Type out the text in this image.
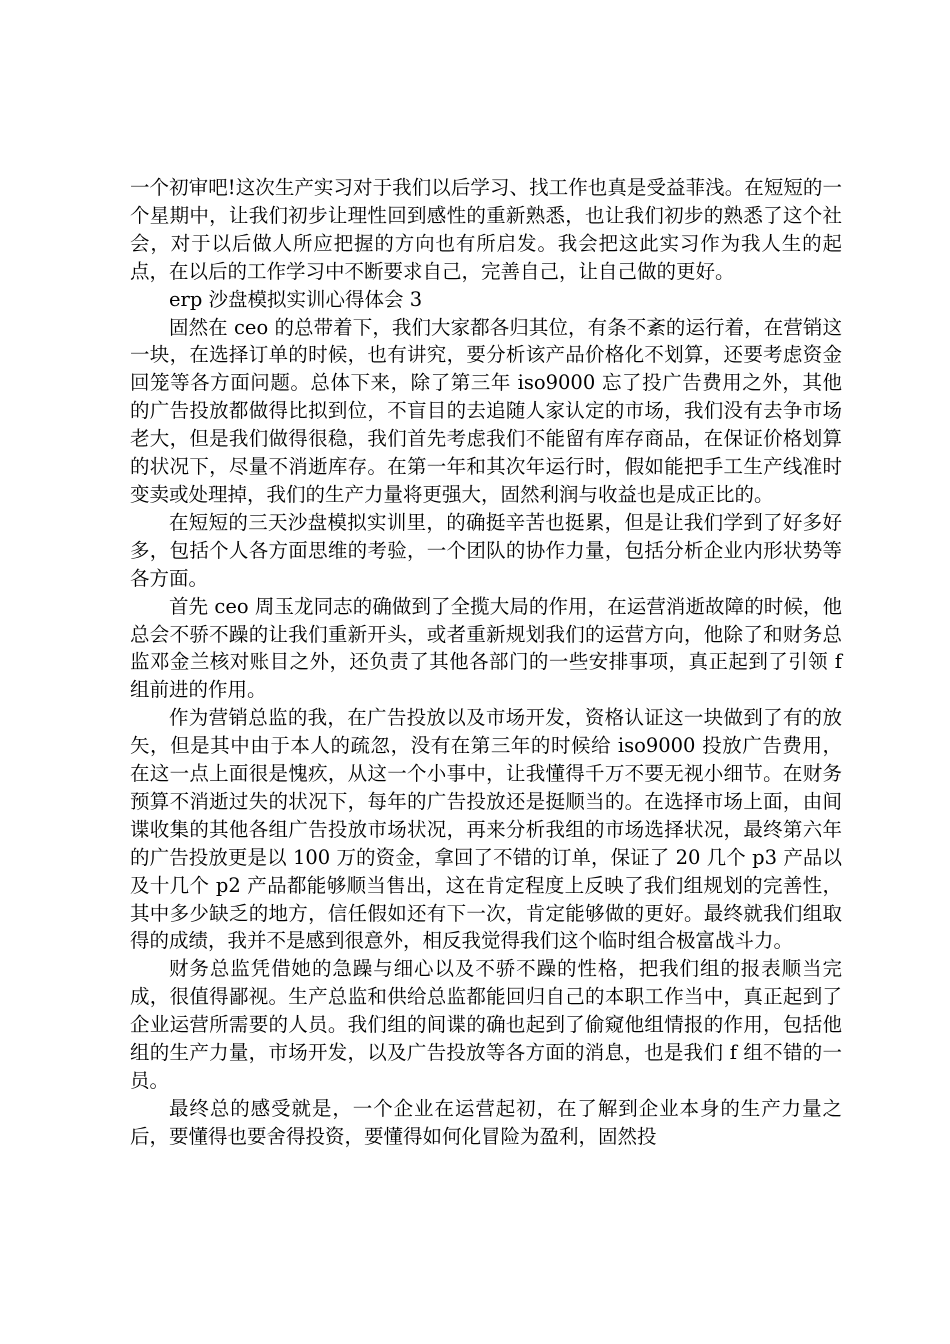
一个初审吧!这次生产实习对于我们以后学习、找工作也真是受益菲浅。在短短的一个星期中，让我们初步让理性回到感性的重新熟悉，也让我们初步的熟悉了这个社会，对于以后做人所应把握的方向也有所启发。我会把这此实习作为我人生的起点，在以后的工作学习中不断要求自己，完善自己，让自己做的更好。

erp 沙盘模拟实训心得体会 3

固然在 ceo 的总带着下，我们大家都各归其位，有条不紊的运行着，在营销这一块，在选择订单的时候，也有讲究，要分析该产品价格化不划算，还要考虑资金回笼等各方面问题。总体下来，除了第三年 iso9000 忘了投广告费用之外，其他的广告投放都做得比拟到位，不盲目的去追随人家认定的市场，我们没有去争市场老大，但是我们做得很稳，我们首先考虑我们不能留有库存商品，在保证价格划算的状况下，尽量不消逝库存。在第一年和其次年运行时，假如能把手工生产线准时变卖或处理掉，我们的生产力量将更强大，固然利润与收益也是成正比的。

在短短的三天沙盘模拟实训里，的确挺辛苦也挺累，但是让我们学到了好多好多，包括个人各方面思维的考验，一个团队的协作力量，包括分析企业内形状势等各方面。

首先 ceo 周玉龙同志的确做到了全揽大局的作用，在运营消逝故障的时候，他总会不骄不躁的让我们重新开头，或者重新规划我们的运营方向，他除了和财务总监邓金兰核对账目之外，还负责了其他各部门的一些安排事项，真正起到了引领 f 组前进的作用。

作为营销总监的我，在广告投放以及市场开发，资格认证这一块做到了有的放矢，但是其中由于本人的疏忽，没有在第三年的时候给 iso9000 投放广告费用，在这一点上面很是愧疚，从这一个小事中，让我懂得千万不要无视小细节。在财务预算不消逝过失的状况下，每年的广告投放还是挺顺当的。在选择市场上面，由间谍收集的其他各组广告投放市场状况，再来分析我组的市场选择状况，最终第六年的广告投放更是以 100 万的资金，拿回了不错的订单，保证了 20 几个 p3 产品以及十几个 p2 产品都能够顺当售出，这在肯定程度上反映了我们组规划的完善性，其中多少缺乏的地方，信任假如还有下一次，肯定能够做的更好。最终就我们组取得的成绩，我并不是感到很意外，相反我觉得我们这个临时组合极富战斗力。

财务总监凭借她的急躁与细心以及不骄不躁的性格，把我们组的报表顺当完成，很值得鄙视。生产总监和供给总监都能回归自己的本职工作当中，真正起到了企业运营所需要的人员。我们组的间谍的确也起到了偷窥他组情报的作用，包括他组的生产力量，市场开发，以及广告投放等各方面的消息，也是我们 f 组不错的一员。

最终总的感受就是，一个企业在运营起初，在了解到企业本身的生产力量之后，要懂得也要舍得投资，要懂得如何化冒险为盈利，固然投
